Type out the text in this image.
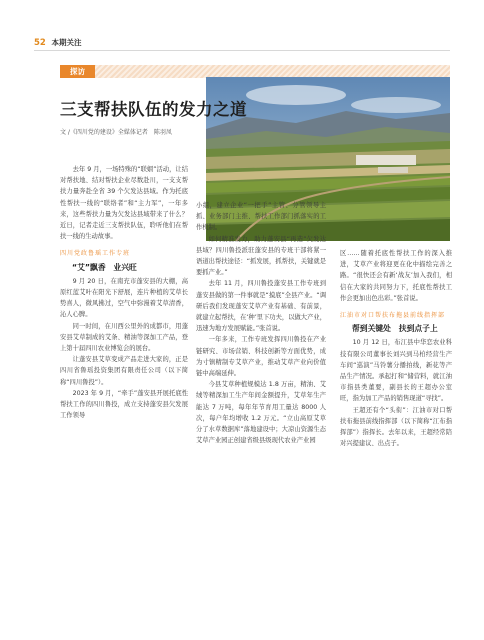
52 本期关注
探访
三支帮扶队伍的发力之道
文 /《四川党的建设》全媒体记者　陈羽凤

去年 9 月，一场特殊的“联姻”活动，让结对帮扶地、结对帮扶企业尽数赴川，一支支帮扶力量奔赴全省 39 个欠发达县域。作为托底性帮扶一线的“联络者”和“主力军”，一年多来，这些帮扶力量为欠发达县域带来了什么？近日，记者走近三支帮扶队伍，聆听他们在帮扶一线的生动故事。

四川党政鲁瑶工作专班

“艾”飘香　业兴旺

9 月 20 日，在南充市蓬安县的大棚，高原红蓝艾叶在阳光下舒展，连片种植的艾草长势喜人，微风拂过，空气中弥漫着艾草清香，沁人心脾。

同一时间，在川西公里外的成都市，用蓬安县艾草制成的艾条、精油等深加工产品，登上第十届四川农业博览会的展台。

让蓬安县艾草变成产品走进大家的，正是四川省鲁瑶投资集团有限责任公司（以下简称“四川鲁投”）。

2023 年 9 月，“牵手”蓬安县开展托底性帮扶工作的四川鲁投，成立支持蓬安县欠发展工作领导

小组，建立企业“一把手”主管、分管领导主抓、业务部门主推、帮扶工作部门抓落实的工作机制。

如何精准发力，助力蓬安县“再造”欠发达县域？四川鲁投派驻蓬安县的专班干部将紧一语道出帮扶途径：“抓发展，抓帮扶，关键就是要抓产业。”

去年 11 月，四川鲁投蓬安县工作专班到蓬安县做的第一件事就是“摸底”全县产业。“调研后我们发现蓬安艾草产业有基础、有前景，就建立起帮扶，在‘种’里下功夫，以做大产业，迅速为地方发展赋能。”张首说。

一年多来，工作专班发挥四川鲁投在产业链研究、市场营销、科技创新等方面优势，成为寸镇精制专艾草产业，推动艾草产业向价值链中高端延伸。

今县艾草种植规模达 1.8 万亩，精油、艾绒等精深加工生产年间金额提升，艾草年生产能达 7 万吨，每年年节育用工量达 8000 人次，每户年均增收 1.2 万元。“立山高原艾草分了水草数据库”落地建设中；大凉山资源生态艾草产业园正创建省级县级现代农业产业园

区……随着托底性帮扶工作的深入推进，艾草产业将迎更在化中描绘完善之路。“很快还会有新‘战友’加入我们，相信在大家的共同努力下，托底性帮扶工作会更加出色出彩。”张首说。

江油市对口帮扶布拖县前线指挥部

帮到关键处　扶到点子上

10 月 12 日，布江县中华恋农业科技有限公司董事长刘兴到马柏经营生产车间“巡演”马铃薯分播拍线，新花等产品生产情况。承起打和“储营料，就江油市指县类董要，副县长的王超办公室旺，指为加工产品的销售现道“寻找”。

王超还有个“头衔”：江油市对口帮扶布拖县前线指挥部（以下简称“江布指挥部”）指挥长。去年以来，王超经常陪对兴提建议、出点子。
